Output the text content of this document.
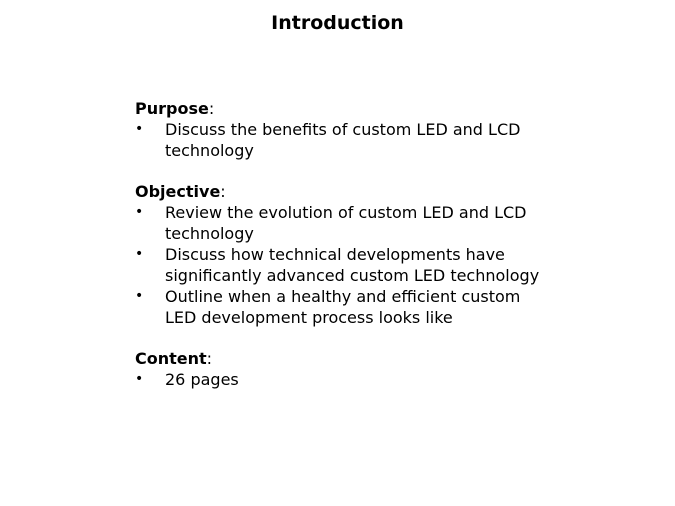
Introduction
Purpose:
• Discuss the benefits of custom LED and LCD technology
Objective:
• Review the evolution of custom LED and LCD technology
• Discuss how technical developments have significantly advanced custom LED technology
• Outline when a healthy and efficient custom LED development process looks like
Content:
• 26 pages
